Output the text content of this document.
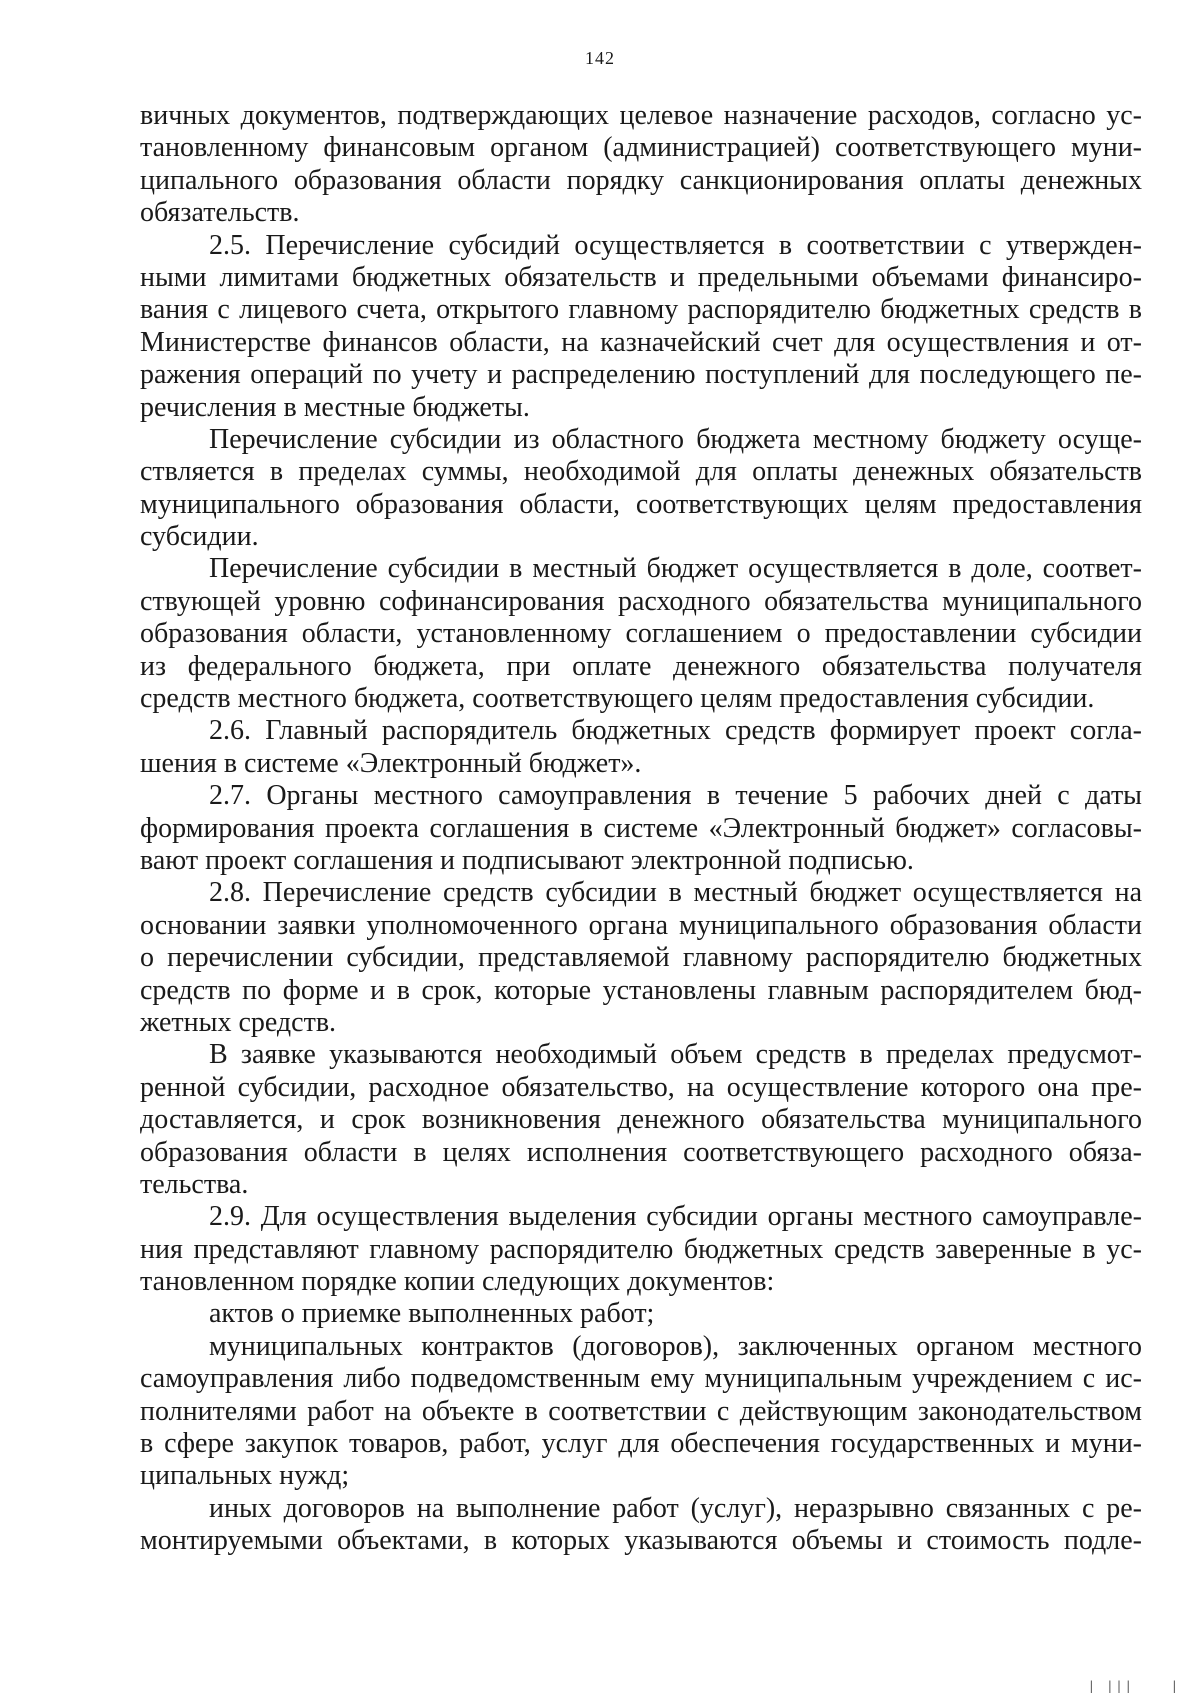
142
вичных документов, подтверждающих целевое назначение расходов, согласно ус-
тановленному финансовым органом (администрацией) соответствующего муни-
ципального образования области порядку санкционирования оплаты денежных
обязательств.
2.5. Перечисление субсидий осуществляется в соответствии с утвержден-
ными лимитами бюджетных обязательств и предельными объемами финансиро-
вания с лицевого счета, открытого главному распорядителю бюджетных средств в
Министерстве финансов области, на казначейский счет для осуществления и от-
ражения операций по учету и распределению поступлений для последующего пе-
речисления в местные бюджеты.
Перечисление субсидии из областного бюджета местному бюджету осуще-
ствляется в пределах суммы, необходимой для оплаты денежных обязательств
муниципального образования области, соответствующих целям предоставления
субсидии.
Перечисление субсидии в местный бюджет осуществляется в доле, соответ-
ствующей уровню софинансирования расходного обязательства муниципального
образования области, установленному соглашением о предоставлении субсидии
из федерального бюджета, при оплате денежного обязательства получателя
средств местного бюджета, соответствующего целям предоставления субсидии.
2.6. Главный распорядитель бюджетных средств формирует проект согла-
шения в системе «Электронный бюджет».
2.7. Органы местного самоуправления в течение 5 рабочих дней с даты
формирования проекта соглашения в системе «Электронный бюджет» согласовы-
вают проект соглашения и подписывают электронной подписью.
2.8. Перечисление средств субсидии в местный бюджет осуществляется на
основании заявки уполномоченного органа муниципального образования области
о перечислении субсидии, представляемой главному распорядителю бюджетных
средств по форме и в срок, которые установлены главным распорядителем бюд-
жетных средств.
В заявке указываются необходимый объем средств в пределах предусмот-
ренной субсидии, расходное обязательство, на осуществление которого она пре-
доставляется, и срок возникновения денежного обязательства муниципального
образования области в целях исполнения соответствующего расходного обяза-
тельства.
2.9. Для осуществления выделения субсидии органы местного самоуправле-
ния представляют главному распорядителю бюджетных средств заверенные в ус-
тановленном порядке копии следующих документов:
актов о приемке выполненных работ;
муниципальных контрактов (договоров), заключенных органом местного
самоуправления либо подведомственным ему муниципальным учреждением с ис-
полнителями работ на объекте в соответствии с действующим законодательством
в сфере закупок товаров, работ, услуг для обеспечения государственных и муни-
ципальных нужд;
иных договоров на выполнение работ (услуг), неразрывно связанных с ре-
монтируемыми объектами, в которых указываются объемы и стоимость подле-
| |||    |
